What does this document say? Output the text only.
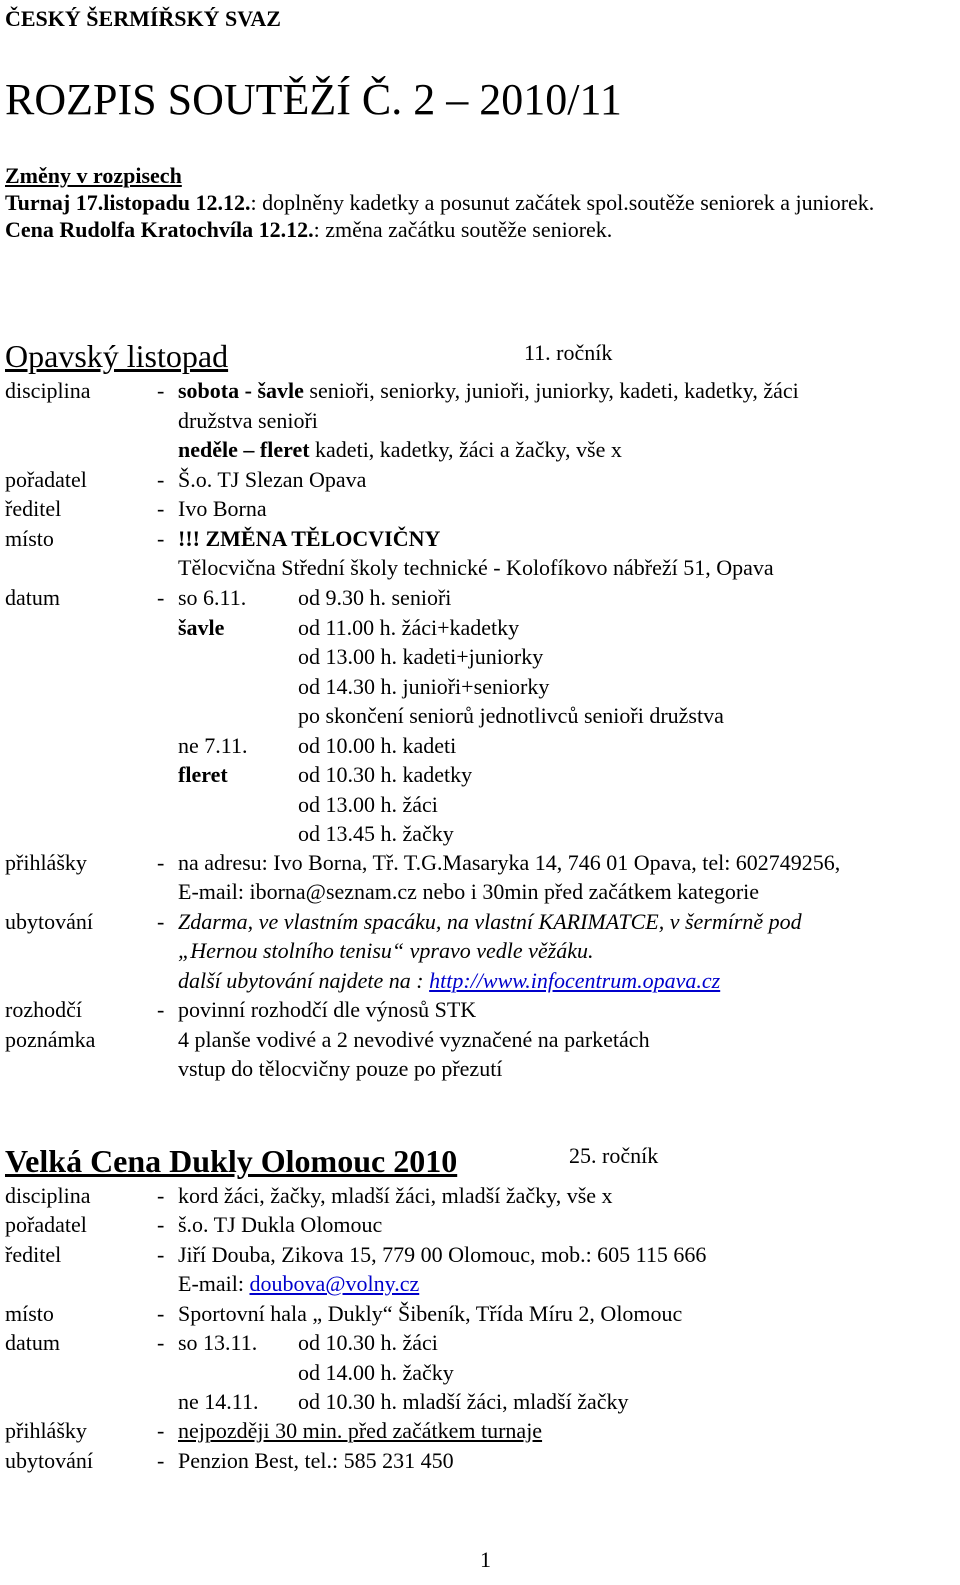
ČESKÝ ŠERMÍŘSKÝ SVAZ
ROZPIS SOUTĚŽÍ Č. 2 – 2010/11

Změny v rozpisech

Turnaj 17.listopadu 12.12.: doplněny kadetky a posunut začátek spol.soutěže seniorek a juniorek.

Cena Rudolfa Kratochvíla 12.12.: změna začátku soutěže seniorek.

Opavský listopad	11. ročník
disciplina	- sobota - šavle senioři, seniorky, junioři, juniorky, kadeti, kadetky, žáci
družstva senioři
neděle – fleret kadeti, kadetky, žáci a žačky, vše x
pořadatel	- Š.o. TJ Slezan Opava
ředitel	- Ivo Borna
místo	- !!! ZMĚNA TĚLOCVIČNY
Tělocvična Střední školy technické - Kolofíkovo nábřeží 51, Opava
datum	- so 6.11. od 9.30 h. senioři
šavle	od 11.00 h. žáci+kadetky
od 13.00 h. kadeti+juniorky
od 14.30 h. junioři+seniorky
po skončení seniorů jednotlivců senioři družstva
ne 7.11. od 10.00 h. kadeti
fleret	od 10.30 h. kadetky
od 13.00 h. žáci
od 13.45 h. žačky
přihlášky	- na adresu: Ivo Borna, Tř. T.G.Masaryka 14, 746 01 Opava, tel: 602749256,
E-mail: iborna@seznam.cz nebo i 30min před začátkem kategorie
ubytování	- Zdarma, ve vlastním spacáku, na vlastní KARIMATCE, v šermírně pod
„Hernou stolního tenisu“ vpravo vedle věžáku.
další ubytování najdete na : http://www.infocentrum.opava.cz
rozhodčí	- povinní rozhodčí dle výnosů STK
poznámka	4 planše vodivé a 2 nevodivé vyznačené na parketách
vstup do tělocvičny pouze po přezutí
Velká Cena Dukly Olomouc 2010	25. ročník
disciplina	- kord žáci, žačky, mladší žáci, mladší žačky, vše x
pořadatel	- š.o. TJ Dukla Olomouc
ředitel	- Jiří Douba, Zikova 15, 779 00 Olomouc, mob.: 605 115 666
E-mail: doubova@volny.cz
místo	- Sportovní hala „ Dukly“ Šibeník, Třída Míru 2, Olomouc
datum	- so 13.11. od 10.30 h. žáci
od 14.00 h. žačky
ne 14.11. od 10.30 h. mladší žáci, mladší žačky
přihlášky	- nejpozději 30 min. před začátkem turnaje
ubytování	- Penzion Best, tel.: 585 231 450
1
